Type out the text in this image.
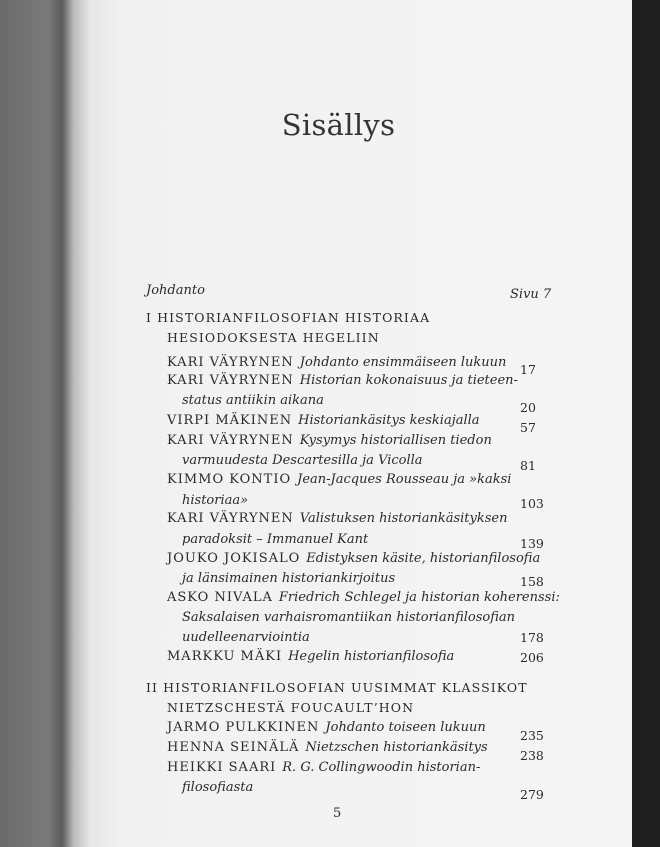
Sisällys
Johdanto	Sivu 7
I HISTORIANFILOSOFIAN HISTORIAA
HESIODOKSESTA HEGELIIN
KARI VÄYRYNEN Johdanto ensimmäiseen lukuun 17
KARI VÄYRYNEN Historian kokonaisuus ja tieteen-
status antiikin aikana	20
VIRPI MÄKINEN Historiankäsitys keskiajalla	57
KARI VÄYRYNEN Kysymys historiallisen tiedon
varmuudesta Descartesilla ja Vicolla	81
KIMMO KONTIO Jean-Jacques Rousseau ja »kaksi
historiaa»	103
KARI VÄYRYNEN Valistuksen historiankäsityksen
paradoksit – Immanuel Kant	139
JOUKO JOKISALO Edistyksen käsite, historianfilosofia
ja länsimainen historiankirjoitus	158
ASKO NIVALA Friedrich Schlegel ja historian koherenssi:
Saksalaisen varhaisromantiikan historianfilosofian
uudelleenarviointia	178
MARKKU MÄKI Hegelin historianfilosofia	206
II HISTORIANFILOSOFIAN UUSIMMAT KLASSIKOT
NIETZSCHESTÄ FOUCAULT’HON
JARMO PULKKINEN Johdanto toiseen lukuun
235
HENNA SEINÄLÄ Nietzschen historiankäsitys
238
HEIKKI SAARI R. G. Collingwoodin historian-
filosofiasta	279
5
